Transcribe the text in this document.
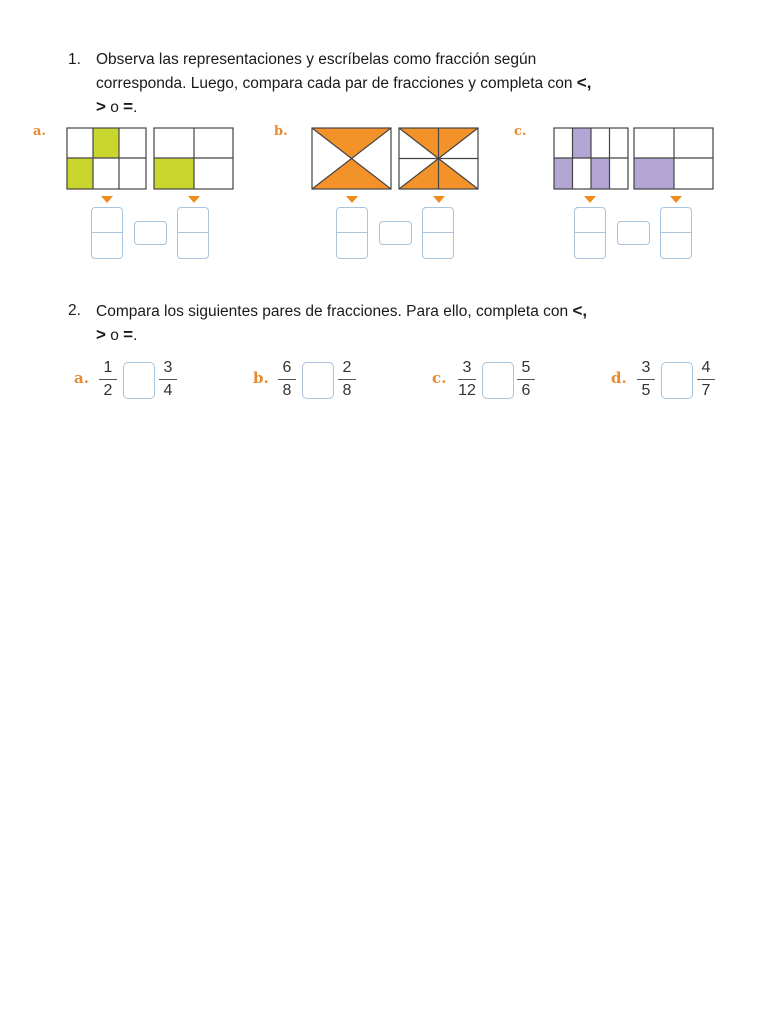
1. Observa las representaciones y escríbelas como fracción según
corresponda. Luego, compara cada par de fracciones y completa con <,
> o =.
a.	b.	c.
2. Compara los siguientes pares de fracciones. Para ello, completa con <,
> o =.
a.
1
2
3
4
b.
6
8
2
8
c.
3
12
5
6
d.
3
5
4
7
